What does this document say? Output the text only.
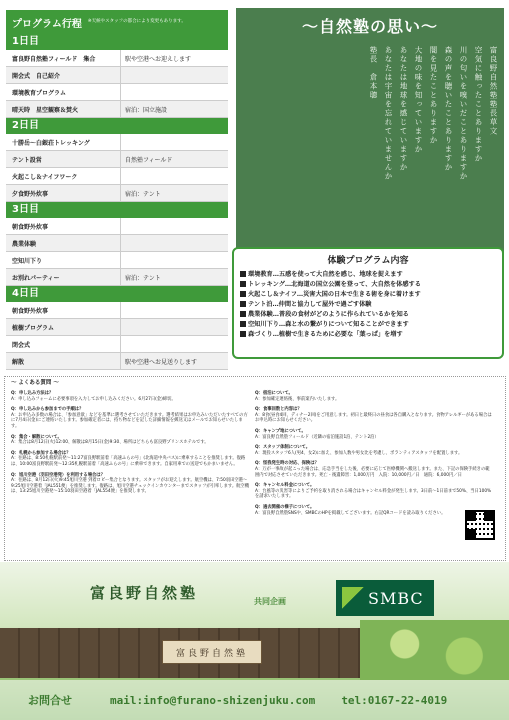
プログラム行程 ※天候やスタッフの都合により変更もあります。
1日目
富良野自然塾フィールド　集合	駅や空港へお迎えします
開会式　自己紹介
環境教育プログラム
晴天時　星空観察＆焚火	宿泊：国立施設
2日目
十勝岳〜白銀荘トレッキング
テント設営	自然塾フィールド
火起こし＆ナイフワーク
夕食野外炊事	宿泊：テント
3日目
朝食野外炊事
農業体験
空知川下り
お別れパーティー	宿泊：テント
4日目
朝食野外炊事
植樹プログラム
閉会式
解散	駅や空港へお見送りします
〜自然塾の思い〜
富良野自然塾塾長草文
空気に触ったことありますか
川の匂いを嗅いだことありますか
森の声を聴いたことありますか
闇を見たことありますか
大地の味を知っていますか
あなたは地球を感じていますか
あなたは宇宙を忘れていませんか
塾長　倉本聰
体験プログラム内容
環境教育…五感を使って大自然を感じ、地球を捉えます
トレッキング…北海道の国立公園を登って、大自然を体感する
火起こし＆ナイフ…災害大国の日本で生きる術を身に着けます
テント泊…仲間と協力して屋外で過ごす体験
農業体験…普段の食材がどのように作られているかを知る
空知川下り…森と水の繋がりについて知ることができます
森づくり…植樹で生きるために必要な「葉っぱ」を増す
〜 よくある質問 〜
Q：申し込み方法は？
A：申し込みフォームに必要事項を入力してお申し込みください。6月27日(金)締切。
Q：申し込みから参加までの手順は？
A：お申込み多数の場合は、「参加意欲」などを基準に選考させていただきます。選考結果はお申込みいただいたすべての方に7月4日(金)にご連絡いたします。参加確定者には、持ち物などを記した詳細情報を郵送又はメールでお知らせいたします。
Q：集合・解散について。
A：集合は8月12日(火)12:00、解散は8月15日(金)9:30、場所はどちらも富良野プリンスホテルです。
Q：札幌から参加する場合は？
A：往路は、8:50札幌駅前発〜11:27富良野駅前着「高速ふらの号」(北海道中央バス)に乗車することを推奨します。復路は、10:00富良野駅前発〜12:35札幌駅前着「高速ふらの号」に乗車できます。自家用車での送迎でもかまいません。
Q：旭川空港（羽田空港発）を利用する場合は？
A：往路は、8月12日(火)9:45旭川空港 到着ロビー集合となります。スタッフがお迎えします。航空機は、7:50羽田空港〜9:25旭川空港着「JAL551便」を推奨します。復路は、旭川空港チェックインカウンターまでスタッフが引率します。航空機は、13:25旭川空港発〜15:10羽田空港着「JAL554便」を推奨します。
Q：宿泊について。
A：参加確定連絡後、事前案内いたします。
Q：食事回数と内容は？
A：8食(昼食4回、ディナー2回)をご用意します。初日と最終日の昼食は各自購入となります。食物アレルギーがある場合はお申込時にお知らせください。
Q：キャンプ地について。
A：富良野自然塾フィールド（近隣の宿泊施設1泊、テント2泊）
Q：スタッフ体制について。
A：現役スタッフ6人(男4、女2)に加え、参加人数や男女比を考慮し、ボランティアスタッフを配置します。
Q：怪我発生時の対応、保険は？
A：万が一事故が起こった場合は、応急手当をした後、必要に応じて医療機関へ搬送します。また、下記の保険手続きの範囲内で対応させていただきます。死亡・後遺障害：1,000万円　入院：10,000円／日　通院：6,000円／日
Q：キャンセル料金について。
A：台風等の災害等によりご予約を取り消される場合はキャンセル料金が発生します。3日前〜1日前まで50%、当日100%を請求いたします。
Q：過去開催の様子について。
A：富良野自然塾SNSや、SMBCのHPを掲載してございます。右記QRコードを読み取りください。
富良野自然塾	共同企画	SMBC
富良野自然塾
お問合せ	mail:info@furano-shizenjuku.com tel:0167-22-4019
